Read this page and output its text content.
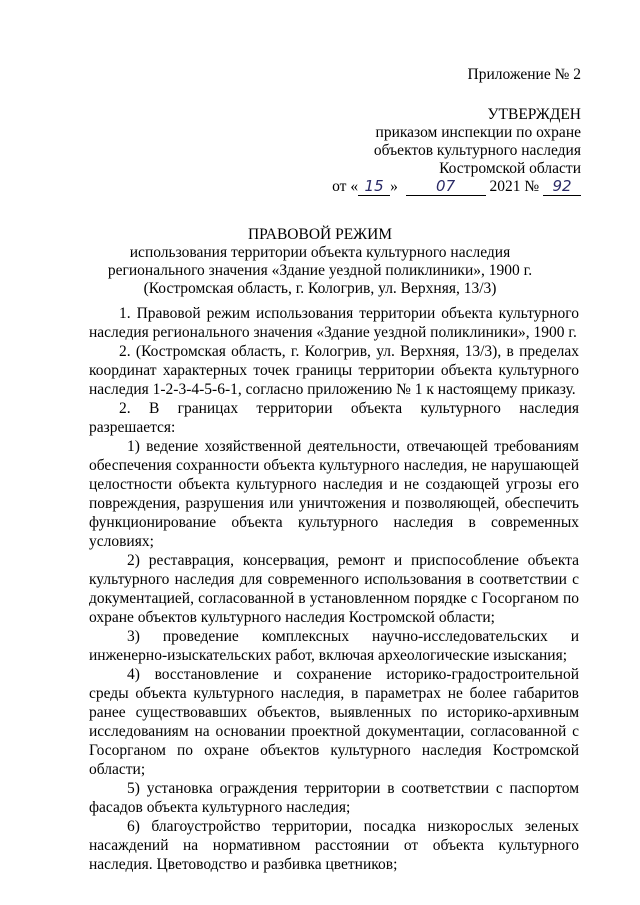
Приложение № 2
УТВЕРЖДЕН
приказом инспекции по охране
объектов культурного наследия
Костромской области
от « 15 »	07 2021 № 92
ПРАВОВОЙ РЕЖИМ
использования территории объекта культурного наследия
регионального значения «Здание уездной поликлиники», 1900 г.
(Костромская область, г. Кологрив, ул. Верхняя, 13/3)

1. Правовой режим использования территории объекта культурного наследия регионального значения «Здание уездной поликлиники», 1900 г.

2. (Костромская область, г. Кологрив, ул. Верхняя, 13/3), в пределах координат характерных точек границы территории объекта культурного наследия 1-2-3-4-5-6-1, согласно приложению № 1 к настоящему приказу.

2. В границах территории объекта культурного наследия разрешается:

1) ведение хозяйственной деятельности, отвечающей требованиям обеспечения сохранности объекта культурного наследия, не нарушающей целостности объекта культурного наследия и не создающей угрозы его повреждения, разрушения или уничтожения и позволяющей, обеспечить функционирование объекта культурного наследия в современных условиях;

2) реставрация, консервация, ремонт и приспособление объекта культурного наследия для современного использования в соответствии с документацией, согласованной в установленном порядке с Госорганом по охране объектов культурного наследия Костромской области;

3) проведение комплексных научно-исследовательских и инженерно-изыскательских работ, включая археологические изыскания;

4) восстановление и сохранение историко-градостроительной среды объекта культурного наследия, в параметрах не более габаритов ранее существовавших объектов, выявленных по историко-архивным исследованиям на основании проектной документации, согласованной с Госорганом по охране объектов культурного наследия Костромской области;

5) установка ограждения территории в соответствии с паспортом фасадов объекта культурного наследия;

6) благоустройство территории, посадка низкорослых зеленых насаждений на нормативном расстоянии от объекта культурного наследия. Цветоводство и разбивка цветников;
